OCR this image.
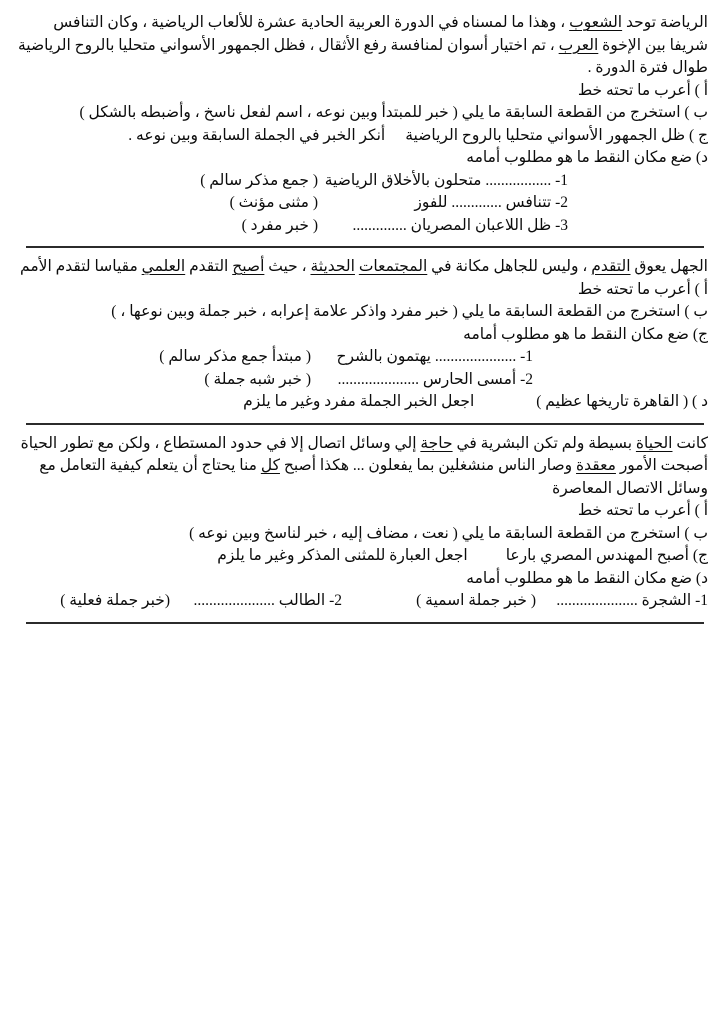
الرياضة توحد الشعوب ، وهذا ما لمسناه في الدورة العربية الحادية عشرة للألعاب الرياضية ، وكان التنافس شريفا بين الإخوة العرب ، تم اختيار أسوان لمنافسة رفع الأثقال ، فظل الجمهور الأسواني متحليا بالروح الرياضية طوال فترة الدورة .

أ ) أعرب ما تحته خط
ب ) استخرج من القطعة السابقة ما يلي ( خبر للمبتدأ وبين نوعه ، اسم لفعل ناسخ ، وأضبطه بالشكل )
ج ) ظل الجمهور الأسواني متحليا بالروح الرياضيةأنكر الخبر في الجملة السابقة وبين نوعه .
د) ضع مكان النقط ما هو مطلوب أمامه
1- ................. متحلون بالأخلاق الرياضية
( جمع مذكر سالم )
2- تتنافس ............. للفوز
( مثنى مؤنث )
3- ظل اللاعبان المصريان ..............
( خبر مفرد )

الجهل يعوق التقدم ، وليس للجاهل مكانة في المجتمعات الحديثة ، حيث أصبح التقدم العلمي مقياسا لتقدم الأمم

أ ) أعرب ما تحته خط
ب ) استخرج من القطعة السابقة ما يلي ( خبر مفرد واذكر علامة إعرابه ، خبر جملة وبين نوعها ، )
ج) ضع مكان النقط ما هو مطلوب أمامه
1- ..................... يهتمون بالشرح
( مبتدأ جمع مذكر سالم )
2- أمسى الحارس .....................
( خبر شبه جملة )
د ) ( القاهرة تاريخها عظيم )اجعل الخبر الجملة مفرد وغير ما يلزم

كانت الحياة بسيطة ولم تكن البشرية في حاجة إلي وسائل اتصال إلا في حدود المستطاع ، ولكن مع تطور الحياة أصبحت الأمور معقدة وصار الناس منشغلين بما يفعلون ... هكذا أصبح كل منا يحتاج أن يتعلم كيفية التعامل مع وسائل الاتصال المعاصرة

أ ) أعرب ما تحته خط
ب ) استخرج من القطعة السابقة ما يلي ( نعت ، مضاف إليه ، خبر لناسخ وبين نوعه )
ج) أصبح المهندس المصري بارعااجعل العبارة للمثنى المذكر وغير ما يلزم
د) ضع مكان النقط ما هو مطلوب أمامه
1- الشجرة .....................
( خبر جملة اسمية )
2- الطالب .....................
(خبر جملة فعلية )
